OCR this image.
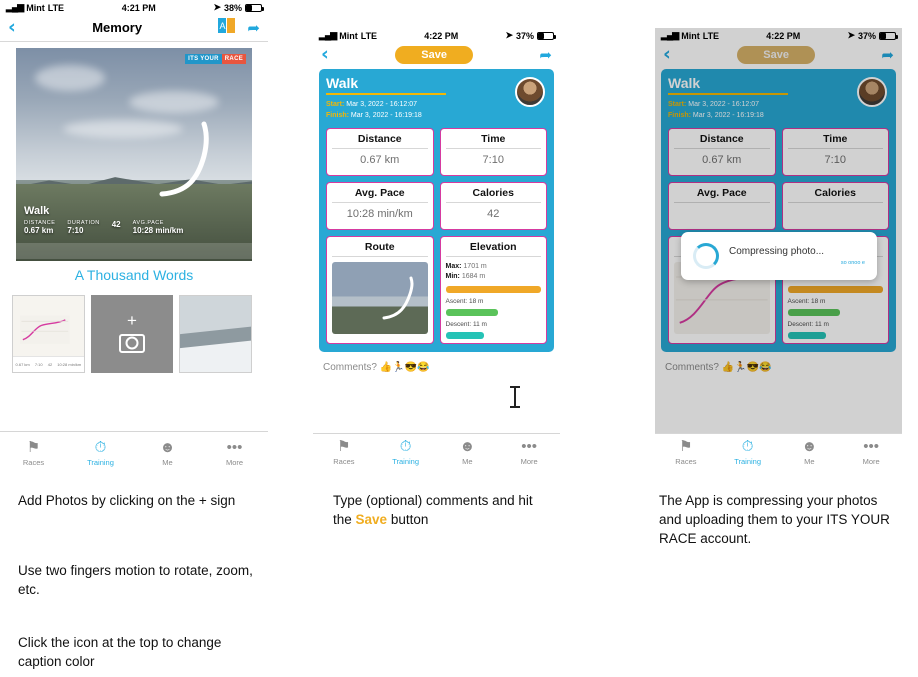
▂▄▆ Mint LTE	4:21 PM	➤ 38%
‹	Memory	A ➦
ITS YOUR	RACE
Walk
DISTANCE
0.67 km
DURATION
7:10
42 AVG.PACE
10:28 min/km
A Thousand Words
0.67 km 7:10 42 10:28 min/km
+
⚑
Races
⏱
Training
☻
Me
•••
More
▂▄▆ Mint LTE	4:22 PM	➤ 37%
‹	Save	➦
Walk
Start: Mar 3, 2022 - 16:12:07
Finish: Mar 3, 2022 - 16:19:18
Distance
0.67 km
Time
7:10
Avg. Pace
10:28 min/km
Calories
42
Route	Elevation
Max: 1701 m
Min: 1684 m
Ascent: 18 m
Descent: 11 m
Comments? 👍🏃😎😂
⚑
Races
⏱
Training
☻
Me
•••
More
▂▄▆ Mint LTE	4:22 PM	➤ 37%
‹	Save	➦
Walk
Start: Mar 3, 2022 - 16:12:07
Finish: Mar 3, 2022 - 16:19:18
Distance
0.67 km
Time
7:10
Avg. Pace	Calories
Ascent: 18 m
Descent: 11 m
Comments? 👍🏃😎😂
Compressing photo...
so onoo e
⚑
Races
⏱
Training
☻
Me
•••
More
Add Photos by clicking on the + sign
Use two fingers motion to rotate, zoom, etc.
Click the icon at the top to change caption color
Type (optional) comments and hit the Save button
The App is compressing your photos and uploading them to your ITS YOUR RACE account.
